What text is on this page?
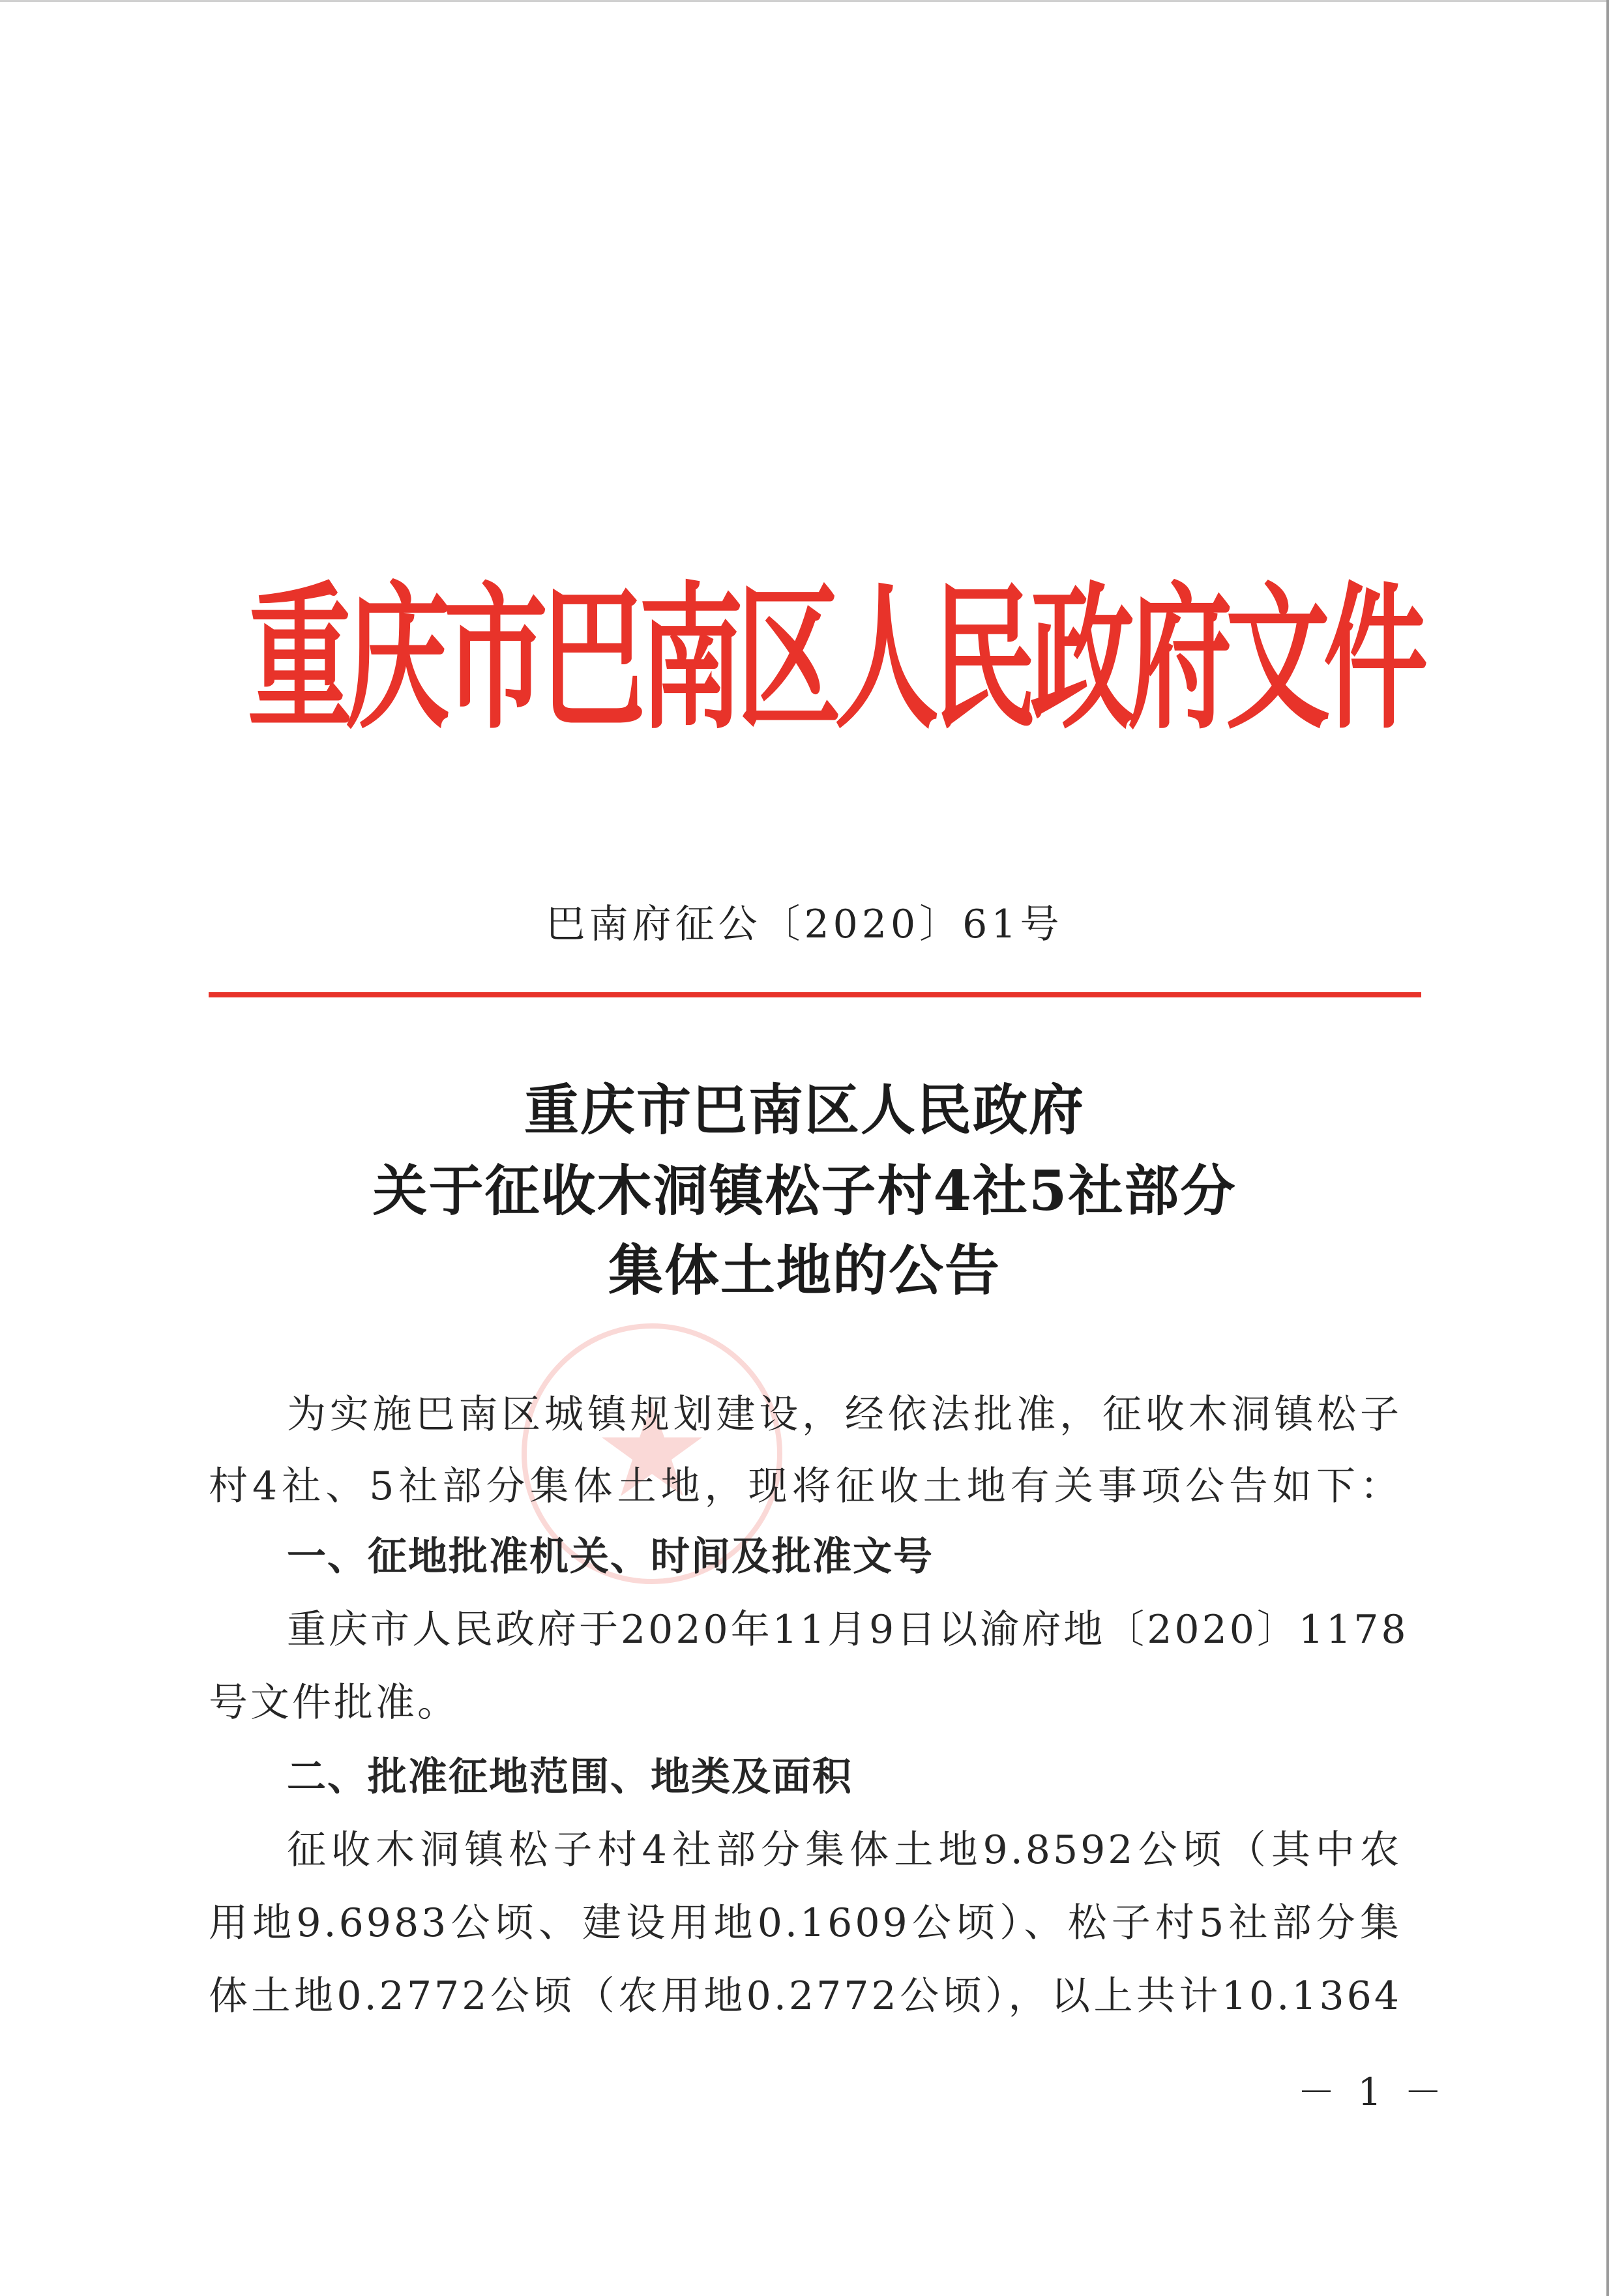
重庆市巴南区人民政府文件
巴南府征公〔2020〕61号
重庆市巴南区人民政府
关于征收木洞镇松子村4社5社部分
集体土地的公告
为实施巴南区城镇规划建设，经依法批准，征收木洞镇松子
村4社、5社部分集体土地，现将征收土地有关事项公告如下：
一、征地批准机关、时间及批准文号
重庆市人民政府于2020年11月9日以渝府地〔2020〕1178
号文件批准。
二、批准征地范围、地类及面积
征收木洞镇松子村4社部分集体土地9.8592公顷（其中农
用地9.6983公顷、建设用地0.1609公顷）、松子村5社部分集
体土地0.2772公顷（农用地0.2772公顷），以上共计10.1364
－ 1 －
